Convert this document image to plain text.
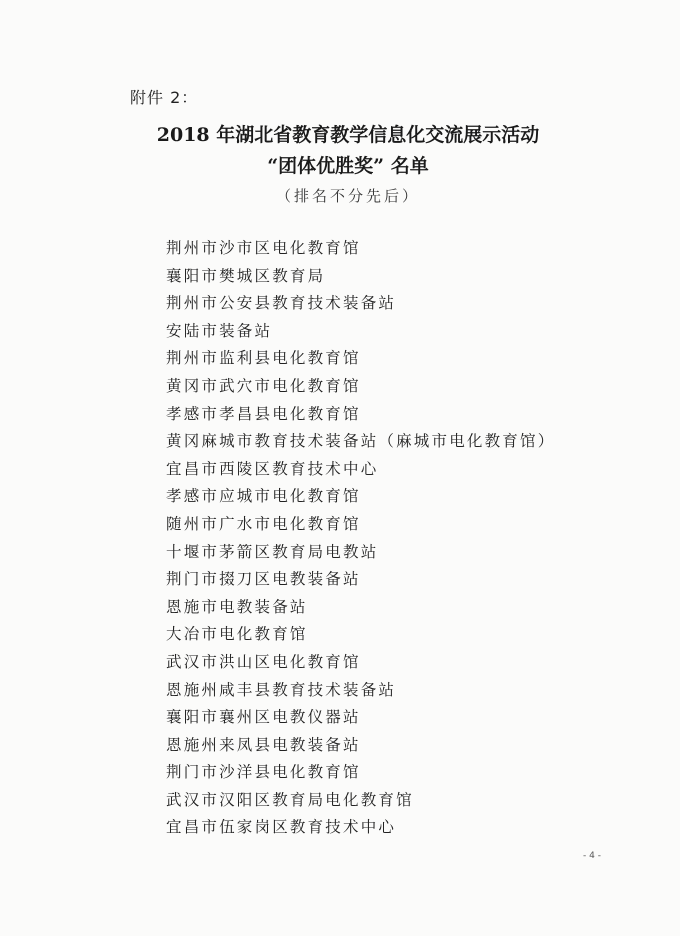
附件 2：
2018 年湖北省教育教学信息化交流展示活动
“团体优胜奖” 名单
（排名不分先后）
荆州市沙市区电化教育馆
襄阳市樊城区教育局
荆州市公安县教育技术装备站
安陆市装备站
荆州市监利县电化教育馆
黄冈市武穴市电化教育馆
孝感市孝昌县电化教育馆
黄冈麻城市教育技术装备站（麻城市电化教育馆）
宜昌市西陵区教育技术中心
孝感市应城市电化教育馆
随州市广水市电化教育馆
十堰市茅箭区教育局电教站
荆门市掇刀区电教装备站
恩施市电教装备站
大冶市电化教育馆
武汉市洪山区电化教育馆
恩施州咸丰县教育技术装备站
襄阳市襄州区电教仪器站
恩施州来凤县电教装备站
荆门市沙洋县电化教育馆
武汉市汉阳区教育局电化教育馆
宜昌市伍家岗区教育技术中心
- 4 -
